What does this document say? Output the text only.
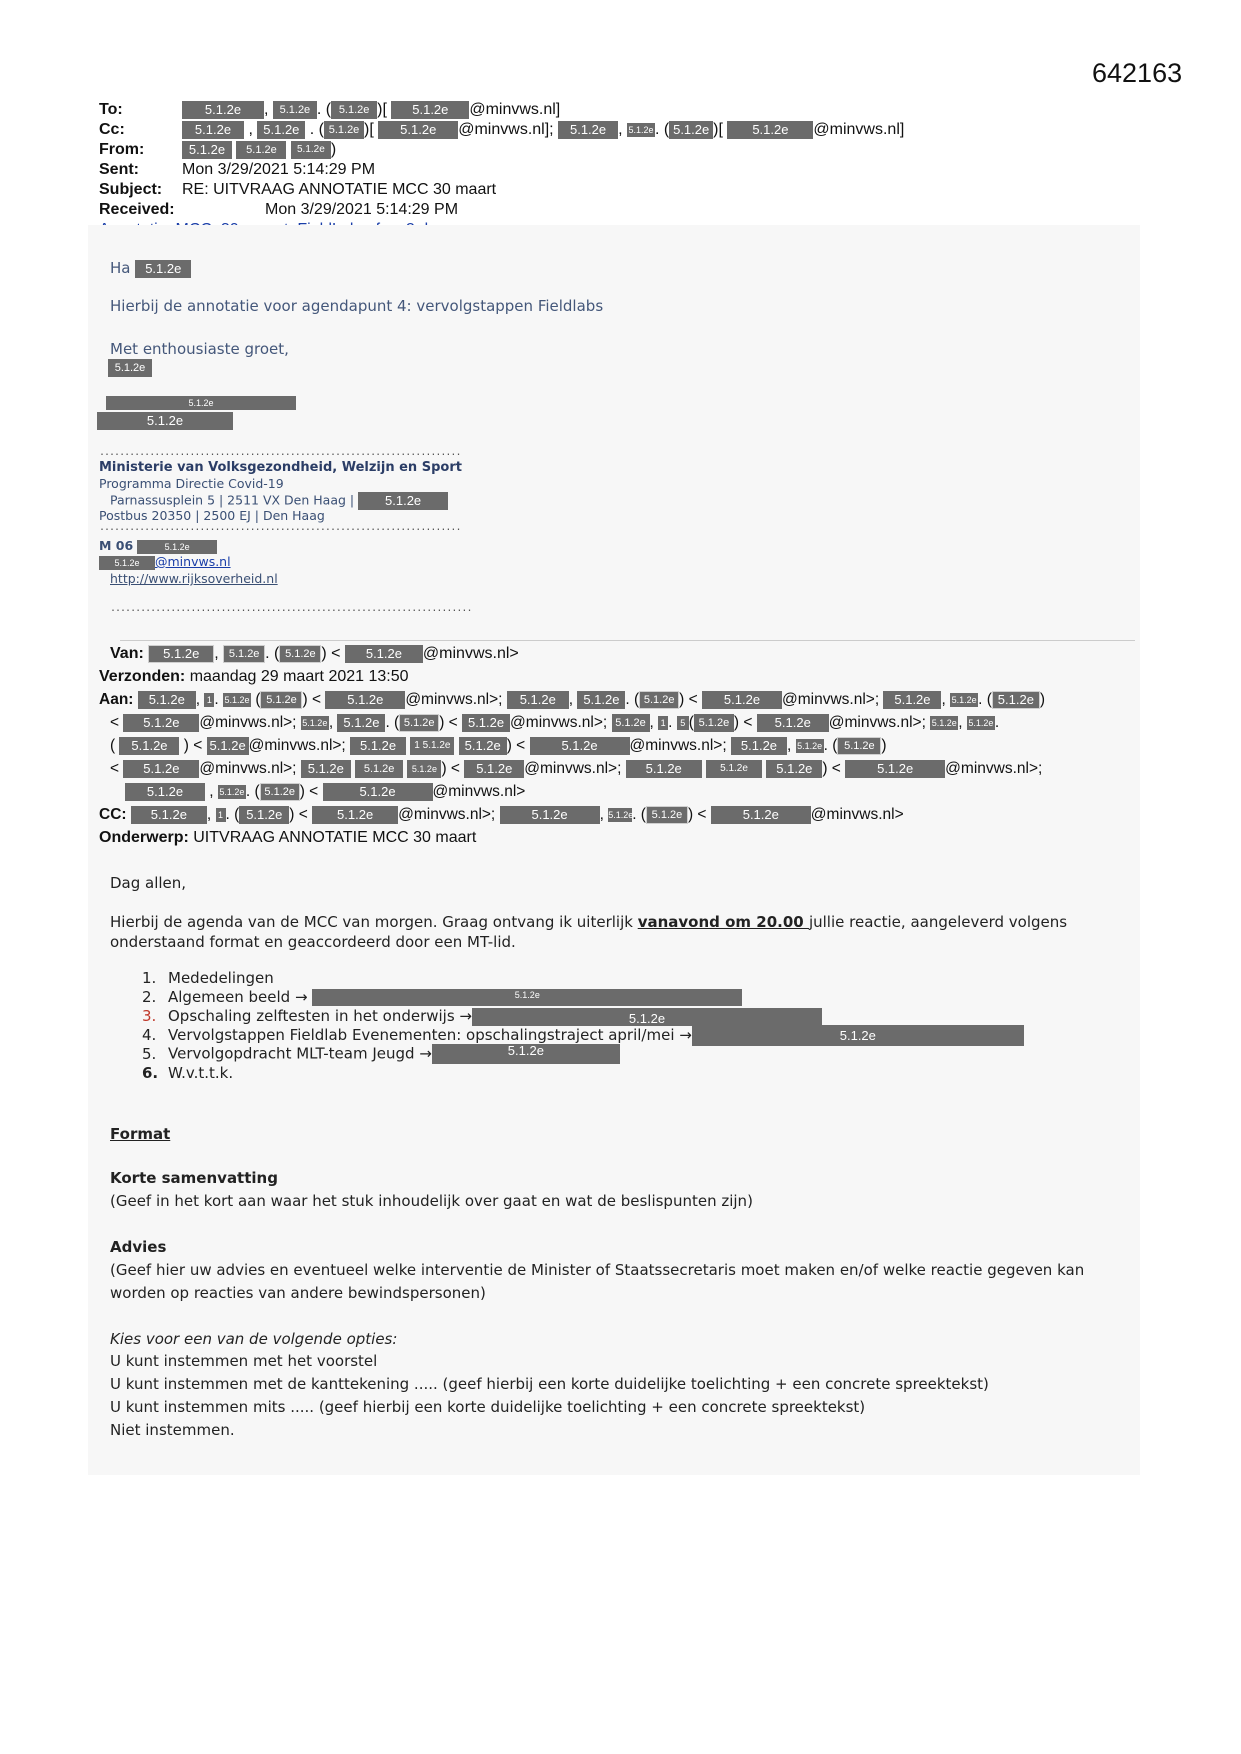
642163
To:	5.1.2e , 5.1.2e . ( 5.1.2e )[ 5.1.2e @minvws.nl]
Cc:	5.1.2e , 5.1.2e . ( 5.1.2e )[ 5.1.2e @minvws.nl]; 5.1.2e , 5.1.2e. ( 5.1.2e )[ 5.1.2e @minvws.nl]
From:	5.1.2e 5.1.2e 5.1.2e )
Sent:	Mon 3/29/2021 5:14:29 PM
Subject: RE: UITVRAAG ANNOTATIE MCC 30 maart
Received:	Mon 3/29/2021 5:14:29 PM
Ha 5.1.2e
Hierbij de annotatie voor agendapunt 4: vervolgstappen Fieldlabs
Met enthousiaste groet,
5.1.2e
5.1.2e
5.1.2e
........................................................................
Ministerie van Volksgezondheid, Welzijn en Sport
Programma Directie Covid-19
Parnassusplein 5 | 2511 VX Den Haag | 5.1.2e
Postbus 20350 | 2500 EJ | Den Haag
........................................................................
M 06	5.1.2e
5.1.2e @minvws.nl
http://www.rijksoverheid.nl
........................................................................
Van: 5.1.2e , 5.1.2e . ( 5.1.2e ) < 5.1.2e @minvws.nl>
Verzonden: maandag 29 maart 2021 13:50
Aan: 5.1.2e , 1 . 5.1.2e ( 5.1.2e ) < 5.1.2e @minvws.nl>; 5.1.2e , 5.1.2e . ( 5.1.2e ) < 5.1.2e @minvws.nl>; 5.1.2e , 5.1.2e. ( 5.1.2e )
< 5.1.2e @minvws.nl>; 5.1.2e, 5.1.2e . ( 5.1.2e ) < 5.1.2e @minvws.nl>; 5.1.2e , 1 . 5 ( 5.1.2e ) < 5.1.2e @minvws.nl>; 5.1.2e, 5.1.2e.
( 5.1.2e ) < 5.1.2e @minvws.nl>; 5.1.2e 1 5.1.2e 5.1.2e ) < 5.1.2e @minvws.nl>; 5.1.2e , 5.1.2e. ( 5.1.2e )
< 5.1.2e @minvws.nl>; 5.1.2e 5.1.2e 5.1.2e ) < 5.1.2e @minvws.nl>; 5.1.2e	5.1.2e 5.1.2e ) < 5.1.2e @minvws.nl>;
5.1.2e , 5.1.2e. ( 5.1.2e ) <	5.1.2e @minvws.nl>
CC: 5.1.2e , 1 . ( 5.1.2e ) < 5.1.2e @minvws.nl>;	5.1.2e , 5.1.2e. ( 5.1.2e ) < 5.1.2e @minvws.nl>
Onderwerp: UITVRAAG ANNOTATIE MCC 30 maart
Dag allen,
Hierbij de agenda van de MCC van morgen. Graag ontvang ik uiterlijk vanavond om 20.00 jullie reactie, aangeleverd volgens
onderstaand format en geaccordeerd door een MT-lid.
1. Mededelingen
2. Algemeen beeld →	5.1.2e
3. Opschaling zelftesten in het onderwijs →	5.1.2e
4. Vervolgstappen Fieldlab Evenementen: opschalingstraject april/mei →	5.1.2e
5. Vervolgopdracht MLT-team Jeugd →	5.1.2e
6. W.v.t.t.k.
Format
Korte samenvatting
(Geef in het kort aan waar het stuk inhoudelijk over gaat en wat de beslispunten zijn)
Advies
(Geef hier uw advies en eventueel welke interventie de Minister of Staatssecretaris moet maken en/of welke reactie gegeven kan
worden op reacties van andere bewindspersonen)
Kies voor een van de volgende opties:
U kunt instemmen met het voorstel
U kunt instemmen met de kanttekening ..... (geef hierbij een korte duidelijke toelichting + een concrete spreektekst)
U kunt instemmen mits ..... (geef hierbij een korte duidelijke toelichting + een concrete spreektekst)
Niet instemmen.
